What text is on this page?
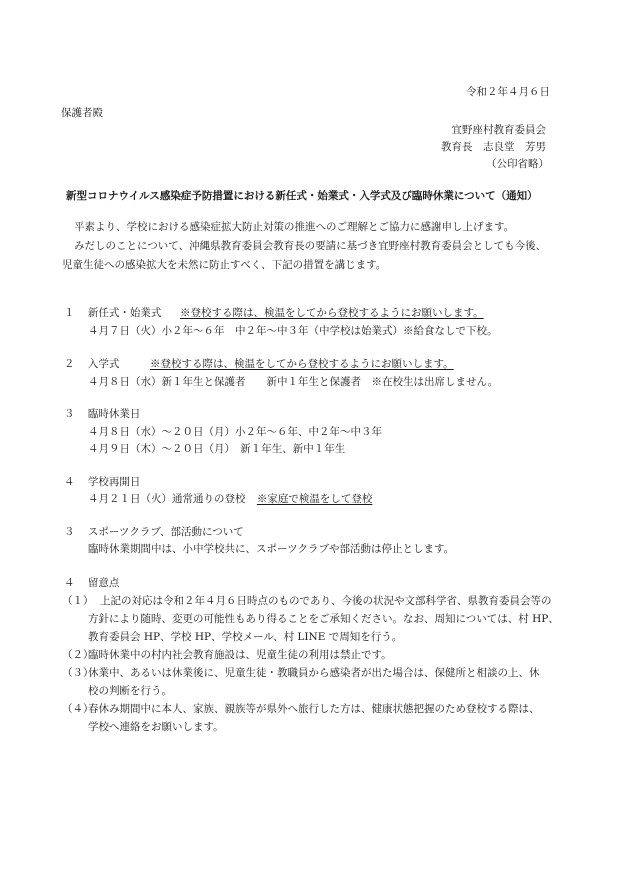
令和２年４月６日
保護者殿
宜野座村教育委員会
教育長　志良堂　芳男
（公印省略）
新型コロナウイルス感染症予防措置における新任式・始業式・入学式及び臨時休業について（通知）
平素より、学校における感染症拡大防止対策の推進へのご理解とご協力に感謝申し上げます。
みだしのことについて、沖縄県教育委員会教育長の要請に基づき宜野座村教育委員会としても今後、
児童生徒への感染拡大を未然に防止すべく、下記の措置を講じます。
１ 新任式・始業式 ※登校する際は、検温をしてから登校するようにお願いします。
４月７日（火）小２年～６年　中２年～中３年（中学校は始業式）※給食なしで下校。
２ 入学式	※登校する際は、検温をしてから登校するようにお願いします。
４月８日（水）新１年生と保護者　　新中１年生と保護者　※在校生は出席しません。
３ 臨時休業日
４月８日（水）～２０日（月）小２年～６年、中２年～中３年
４月９日（木）～２０日（月）　新１年生、新中１年生
４ 学校再開日
４月２１日（火）通常通りの登校 ※家庭で検温をして登校
３ スポーツクラブ、部活動について
臨時休業期間中は、小中学校共に、スポーツクラブや部活動は停止とします。
４ 留意点
（１） 上記の対応は令和２年４月６日時点のものであり、今後の状況や文部科学省、県教育委員会等の
方針により随時、変更の可能性もあり得ることをご承知ください。なお、周知については、村 HP、
教育委員会 HP、学校 HP、学校メール、村 LINE で周知を行う。
（２）
臨時休業中の村内社会教育施設は、児童生徒の利用は禁止です。
（３）
休業中、あるいは休業後に、児童生徒・教職員から感染者が出た場合は、保健所と相談の上、休
校の判断を行う。
（４）
春休み期間中に本人、家族、親族等が県外へ旅行した方は、健康状態把握のため登校する際は、
学校へ連絡をお願いします。
